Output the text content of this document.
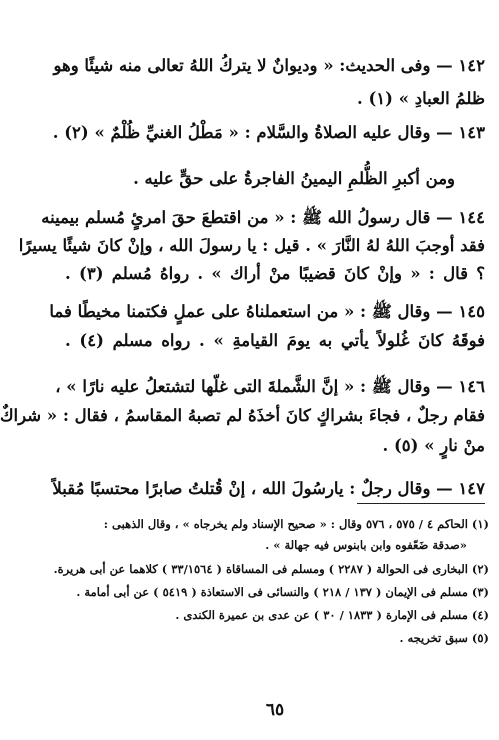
١٤٢ — وفى الحديث: « وديوانٌ لا يتركُ اللهُ تعالى منه شيئًا وهو
ظلمُ العبادِ » (١) .
١٤٣ — وقال عليه الصلاةُ والسَّلام : « مَطْلُ الغنيِّ ظُلْمٌ » (٢) .
ومن أكبرِ الظُّلمِ اليمينُ الفاجرةُ على حقٍّ عليه .
١٤٤ — قال رسولُ الله ﷺ : « من اقتطعَ حقَ امرئٍ مُسلم بيمينه
فقد أوجبَ اللهُ لهُ النَّارَ » . قيل : يا رسولَ الله ، وإنْ كانَ شيئًا يسيرًا
؟ قال : « وإنْ كانَ قضيبًا منْ أراك » . رواهُ مُسلم (٣) .
١٤٥ — وقال ﷺ : « من استعملناهُ على عملٍ فكتمنا مخيطًا فما
فوقَهُ كانَ غُلولاً يأتي به يومَ القيامةِ » . رواه مسلم (٤) .
١٤٦ — وقال ﷺ : « إنَّ الشَّملةَ التى غلّها لتشتعلُ عليه نارًا » ،
فقام رجلٌ ، فجاءَ بشراكٍ كانَ أخذَهُ لم تصبهُ المقاسمُ ، فقال : « شراكٌ
منْ نارٍ » (٥) .
١٤٧ — وقال رجلٌ : يارسُولَ الله ، إنْ قُتلتُ صابرًا محتسبًا مُقبلاً
(١) الحاكم ٤ / ٥٧٥ ، ٥٧٦ وقال : « صحيح الإسناد ولم يخرجاه » ، وقال الذهبى :
«صدقة ضَعّفوه وابن بابنوس فيه جهالة » .
(٢) البخارى فى الحوالة ( ٢٢٨٧ ) ومسلم فى المساقاة ( ٣٣/١٥٦٤ ) كلاهما عن أبى هريرة.
(٣) مسلم فى الإيمان ( ١٣٧ / ٢١٨ ) والنسائى فى الاستعاذة ( ٥٤١٩ ) عن أبى أمامة .
(٤) مسلم فى الإمارة ( ١٨٣٣ / ٣٠ ) عن عدى بن عميرة الكندى .
(٥) سبق تخريجه .
٦٥
